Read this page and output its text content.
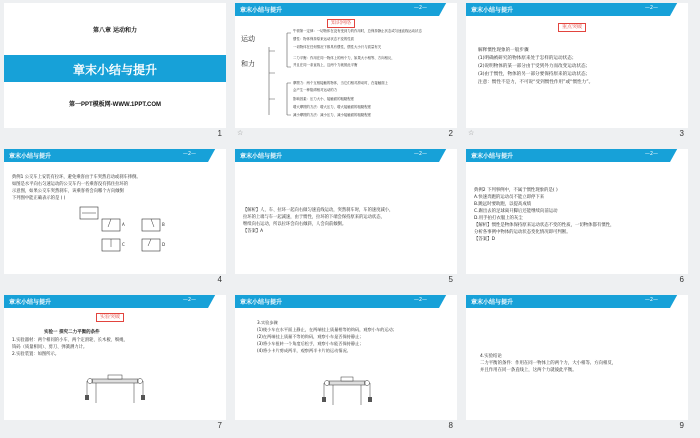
第八章 运动和力
章末小结与提升
第一PPT模板网-WWW.1PPT.COM
1
章末小结与提升	—2—
知识网络
运动
和力
牛顿第一定律：一切物体在没有受到力的作用时，总保持静止状态或匀速直线运动状态
惯性：物体保持原来运动状态不变的性质
一切物体在任何情况下都具有惯性，惯性大小只与质量有关
二力平衡：作用在同一物体上的两个力，如果大小相等、方向相反，
并且在同一条直线上，这两个力就彼此平衡
摩擦力：两个互相接触的物体，当它们相对滑动时，在接触面上
会产生一种阻碍相对运动的力
影响因素：压力大小、接触面的粗糙程度
增大摩擦的方法：增大压力、增大接触面的粗糙程度
减小摩擦的方法：减小压力、减小接触面的粗糙程度
☆	2
章末小结与提升	—2—
重点突破
解释惯性现象的一般步骤
(1)明确被研究的物体原来处于怎样的运动状态；
(2)说明物体的某一部分由于受到外力而改变运动状态；
(3)由于惯性，物体的另一部分要保持原来的运动状态；
注意：惯性不是力，不可说“受到惯性作用”或“惯性力”。
☆	3
章末小结与提升	—2—
典例1 公交车上安装有拉环，避免乘客由于车突然启动或刹车摔倒。
如图是水平向右匀速运动的公交车内一名乘客没有抓住拉环的
示意图，如果公交车突然刹车，该乘客将会向哪个方向倾倒
下列图中能正确表示的是 ( )
A	B
C	D
4
章末小结与提升	—2—
【解析】人、车、拉环一起向右做匀速直线运动，突然刹车时，车的速度减小，
拉环的上端与车一起减速，由于惯性，拉环的下端会保持原来的运动状态，
继续向右运动，所以拉环会向右倾斜，人会向前倾倒。
【答案】A
5
章末小结与提升	—2—
典例2 下列事例中，不属于惯性现象的是( )
A.快速奔跑的运动员不能立即停下来
B.跳远时要助跑，以提高成绩
C.踢出去的足球离开脚后还能继续向前运动
D.用手拍打衣服上的灰尘
【解析】惯性是物体保持原来运动状态不变的性质，一切物体都有惯性，
分析各事例中物体的运动状态变化情况即可判断。
【答案】D
6
章末小结与提升	—2—
实验突破
实验一 探究二力平衡的条件
1.实验器材：两个相同的小车、两个定滑轮、长木板、细绳、
钩码（质量相同）、剪刀、弹簧测力计。
2.实验装置：如图所示。
7
章末小结与提升	—2—
3.实验步骤
(1)使小车在水平面上静止，在两端挂上质量相等的钩码，观察小车的运动；
(2)在两端挂上质量不等的钩码，观察小车是否保持静止；
(3)将小车扭转一个角度后松手，观察小车能否保持静止；
(4)将小卡片剪成两半，观察两半卡片的运动情况。
8
章末小结与提升	—2—
4.实验结论
二力平衡的条件：作用在同一物体上的两个力，大小相等、方向相反，
并且作用在同一条直线上，这两个力就彼此平衡。
9
